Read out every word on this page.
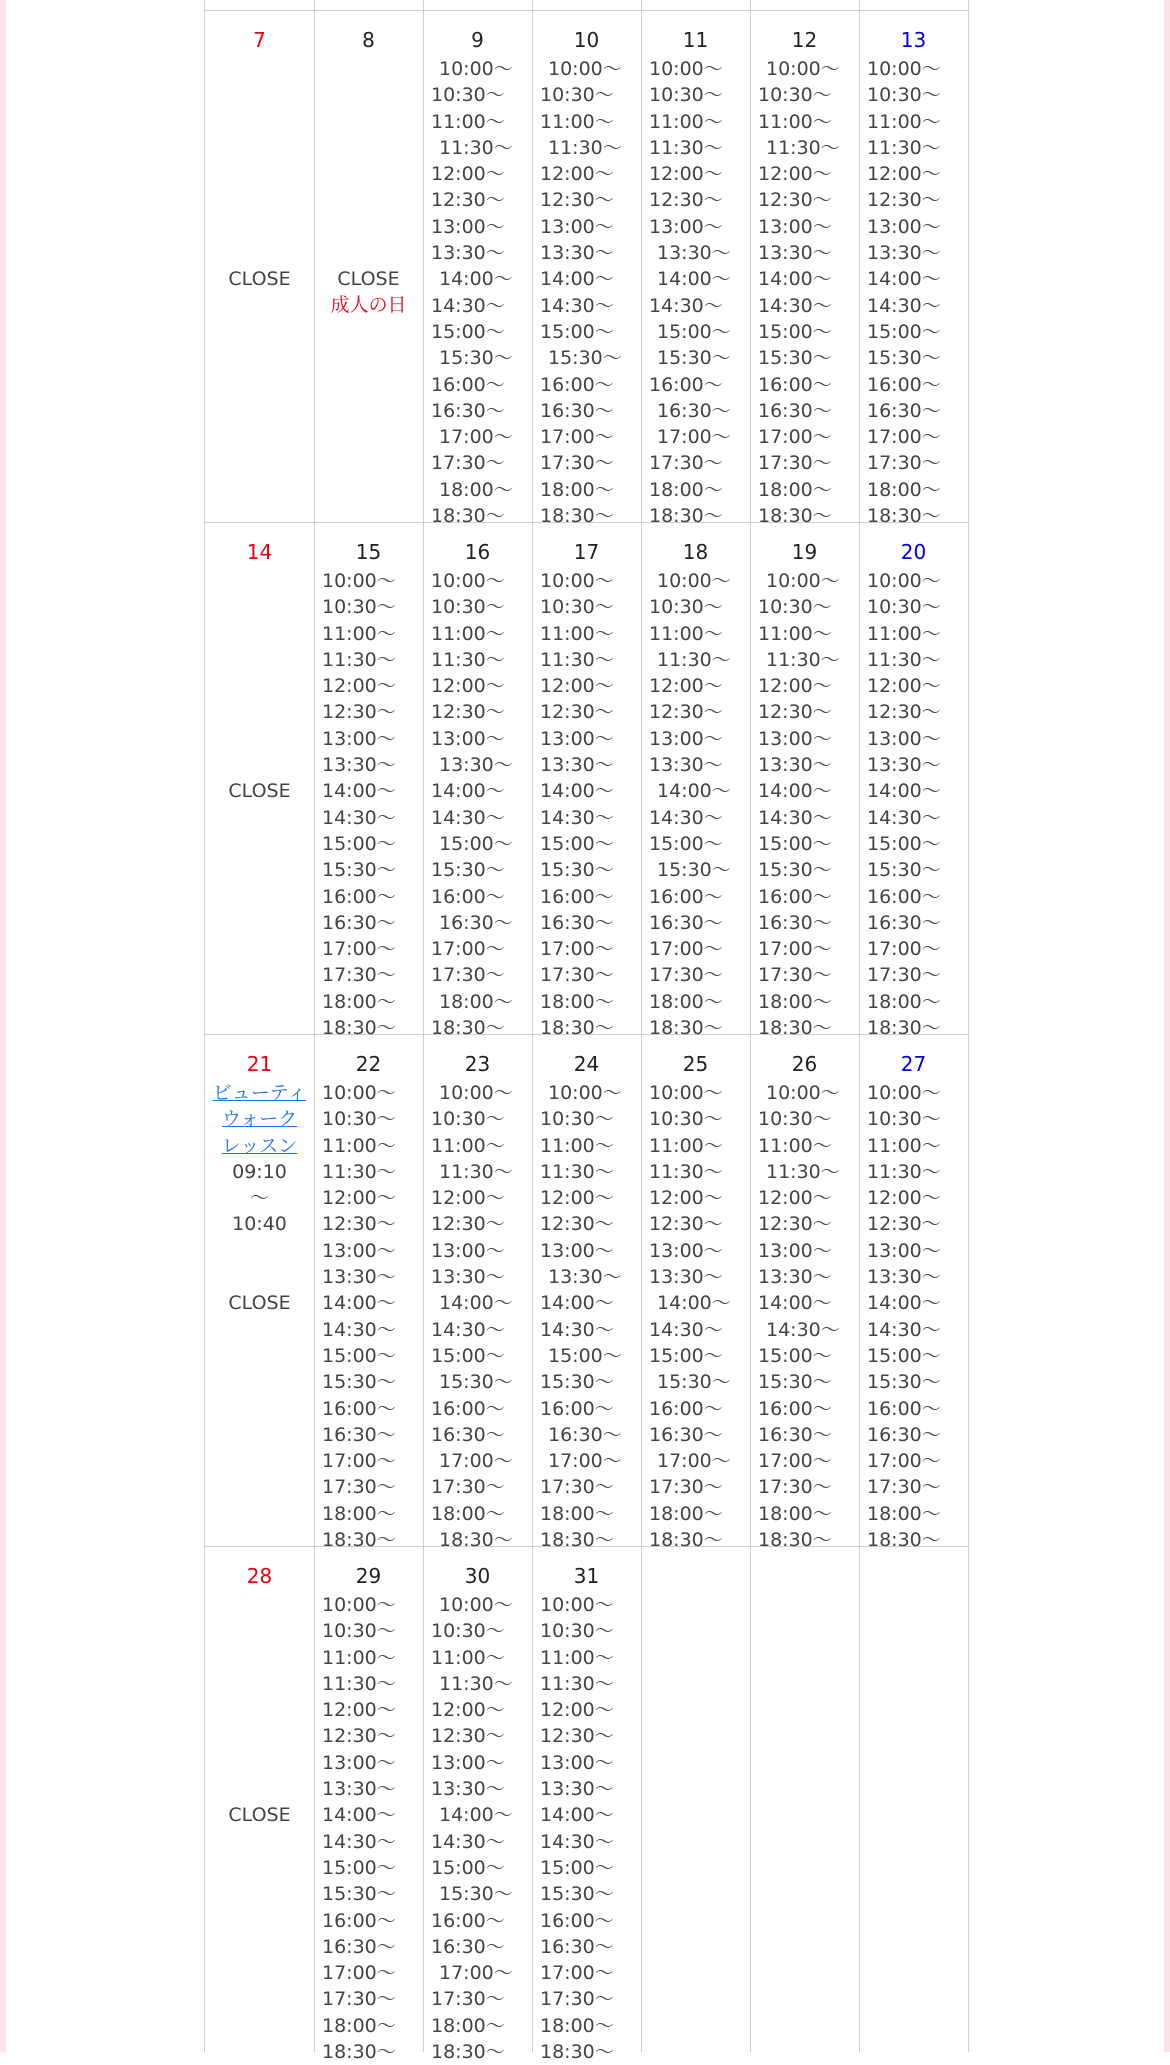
7
CLOSE
8
CLOSE
成人の日
9
10:00〜
10:30〜
11:00〜
11:30〜
12:00〜
12:30〜
13:00〜
13:30〜
14:00〜
14:30〜
15:00〜
15:30〜
16:00〜
16:30〜
17:00〜
17:30〜
18:00〜
18:30〜
10
10:00〜
10:30〜
11:00〜
11:30〜
12:00〜
12:30〜
13:00〜
13:30〜
14:00〜
14:30〜
15:00〜
15:30〜
16:00〜
16:30〜
17:00〜
17:30〜
18:00〜
18:30〜
11
10:00〜
10:30〜
11:00〜
11:30〜
12:00〜
12:30〜
13:00〜
13:30〜
14:00〜
14:30〜
15:00〜
15:30〜
16:00〜
16:30〜
17:00〜
17:30〜
18:00〜
18:30〜
12
10:00〜
10:30〜
11:00〜
11:30〜
12:00〜
12:30〜
13:00〜
13:30〜
14:00〜
14:30〜
15:00〜
15:30〜
16:00〜
16:30〜
17:00〜
17:30〜
18:00〜
18:30〜
13
10:00〜
10:30〜
11:00〜
11:30〜
12:00〜
12:30〜
13:00〜
13:30〜
14:00〜
14:30〜
15:00〜
15:30〜
16:00〜
16:30〜
17:00〜
17:30〜
18:00〜
18:30〜
14
CLOSE
15
10:00〜
10:30〜
11:00〜
11:30〜
12:00〜
12:30〜
13:00〜
13:30〜
14:00〜
14:30〜
15:00〜
15:30〜
16:00〜
16:30〜
17:00〜
17:30〜
18:00〜
18:30〜
16
10:00〜
10:30〜
11:00〜
11:30〜
12:00〜
12:30〜
13:00〜
13:30〜
14:00〜
14:30〜
15:00〜
15:30〜
16:00〜
16:30〜
17:00〜
17:30〜
18:00〜
18:30〜
17
10:00〜
10:30〜
11:00〜
11:30〜
12:00〜
12:30〜
13:00〜
13:30〜
14:00〜
14:30〜
15:00〜
15:30〜
16:00〜
16:30〜
17:00〜
17:30〜
18:00〜
18:30〜
18
10:00〜
10:30〜
11:00〜
11:30〜
12:00〜
12:30〜
13:00〜
13:30〜
14:00〜
14:30〜
15:00〜
15:30〜
16:00〜
16:30〜
17:00〜
17:30〜
18:00〜
18:30〜
19
10:00〜
10:30〜
11:00〜
11:30〜
12:00〜
12:30〜
13:00〜
13:30〜
14:00〜
14:30〜
15:00〜
15:30〜
16:00〜
16:30〜
17:00〜
17:30〜
18:00〜
18:30〜
20
10:00〜
10:30〜
11:00〜
11:30〜
12:00〜
12:30〜
13:00〜
13:30〜
14:00〜
14:30〜
15:00〜
15:30〜
16:00〜
16:30〜
17:00〜
17:30〜
18:00〜
18:30〜
21
ビューティ
ウォーク
レッスン
09:10
〜
10:40
CLOSE
22
10:00〜
10:30〜
11:00〜
11:30〜
12:00〜
12:30〜
13:00〜
13:30〜
14:00〜
14:30〜
15:00〜
15:30〜
16:00〜
16:30〜
17:00〜
17:30〜
18:00〜
18:30〜
23
10:00〜
10:30〜
11:00〜
11:30〜
12:00〜
12:30〜
13:00〜
13:30〜
14:00〜
14:30〜
15:00〜
15:30〜
16:00〜
16:30〜
17:00〜
17:30〜
18:00〜
18:30〜
24
10:00〜
10:30〜
11:00〜
11:30〜
12:00〜
12:30〜
13:00〜
13:30〜
14:00〜
14:30〜
15:00〜
15:30〜
16:00〜
16:30〜
17:00〜
17:30〜
18:00〜
18:30〜
25
10:00〜
10:30〜
11:00〜
11:30〜
12:00〜
12:30〜
13:00〜
13:30〜
14:00〜
14:30〜
15:00〜
15:30〜
16:00〜
16:30〜
17:00〜
17:30〜
18:00〜
18:30〜
26
10:00〜
10:30〜
11:00〜
11:30〜
12:00〜
12:30〜
13:00〜
13:30〜
14:00〜
14:30〜
15:00〜
15:30〜
16:00〜
16:30〜
17:00〜
17:30〜
18:00〜
18:30〜
27
10:00〜
10:30〜
11:00〜
11:30〜
12:00〜
12:30〜
13:00〜
13:30〜
14:00〜
14:30〜
15:00〜
15:30〜
16:00〜
16:30〜
17:00〜
17:30〜
18:00〜
18:30〜
28
CLOSE
29
10:00〜
10:30〜
11:00〜
11:30〜
12:00〜
12:30〜
13:00〜
13:30〜
14:00〜
14:30〜
15:00〜
15:30〜
16:00〜
16:30〜
17:00〜
17:30〜
18:00〜
18:30〜
30
10:00〜
10:30〜
11:00〜
11:30〜
12:00〜
12:30〜
13:00〜
13:30〜
14:00〜
14:30〜
15:00〜
15:30〜
16:00〜
16:30〜
17:00〜
17:30〜
18:00〜
18:30〜
31
10:00〜
10:30〜
11:00〜
11:30〜
12:00〜
12:30〜
13:00〜
13:30〜
14:00〜
14:30〜
15:00〜
15:30〜
16:00〜
16:30〜
17:00〜
17:30〜
18:00〜
18:30〜
